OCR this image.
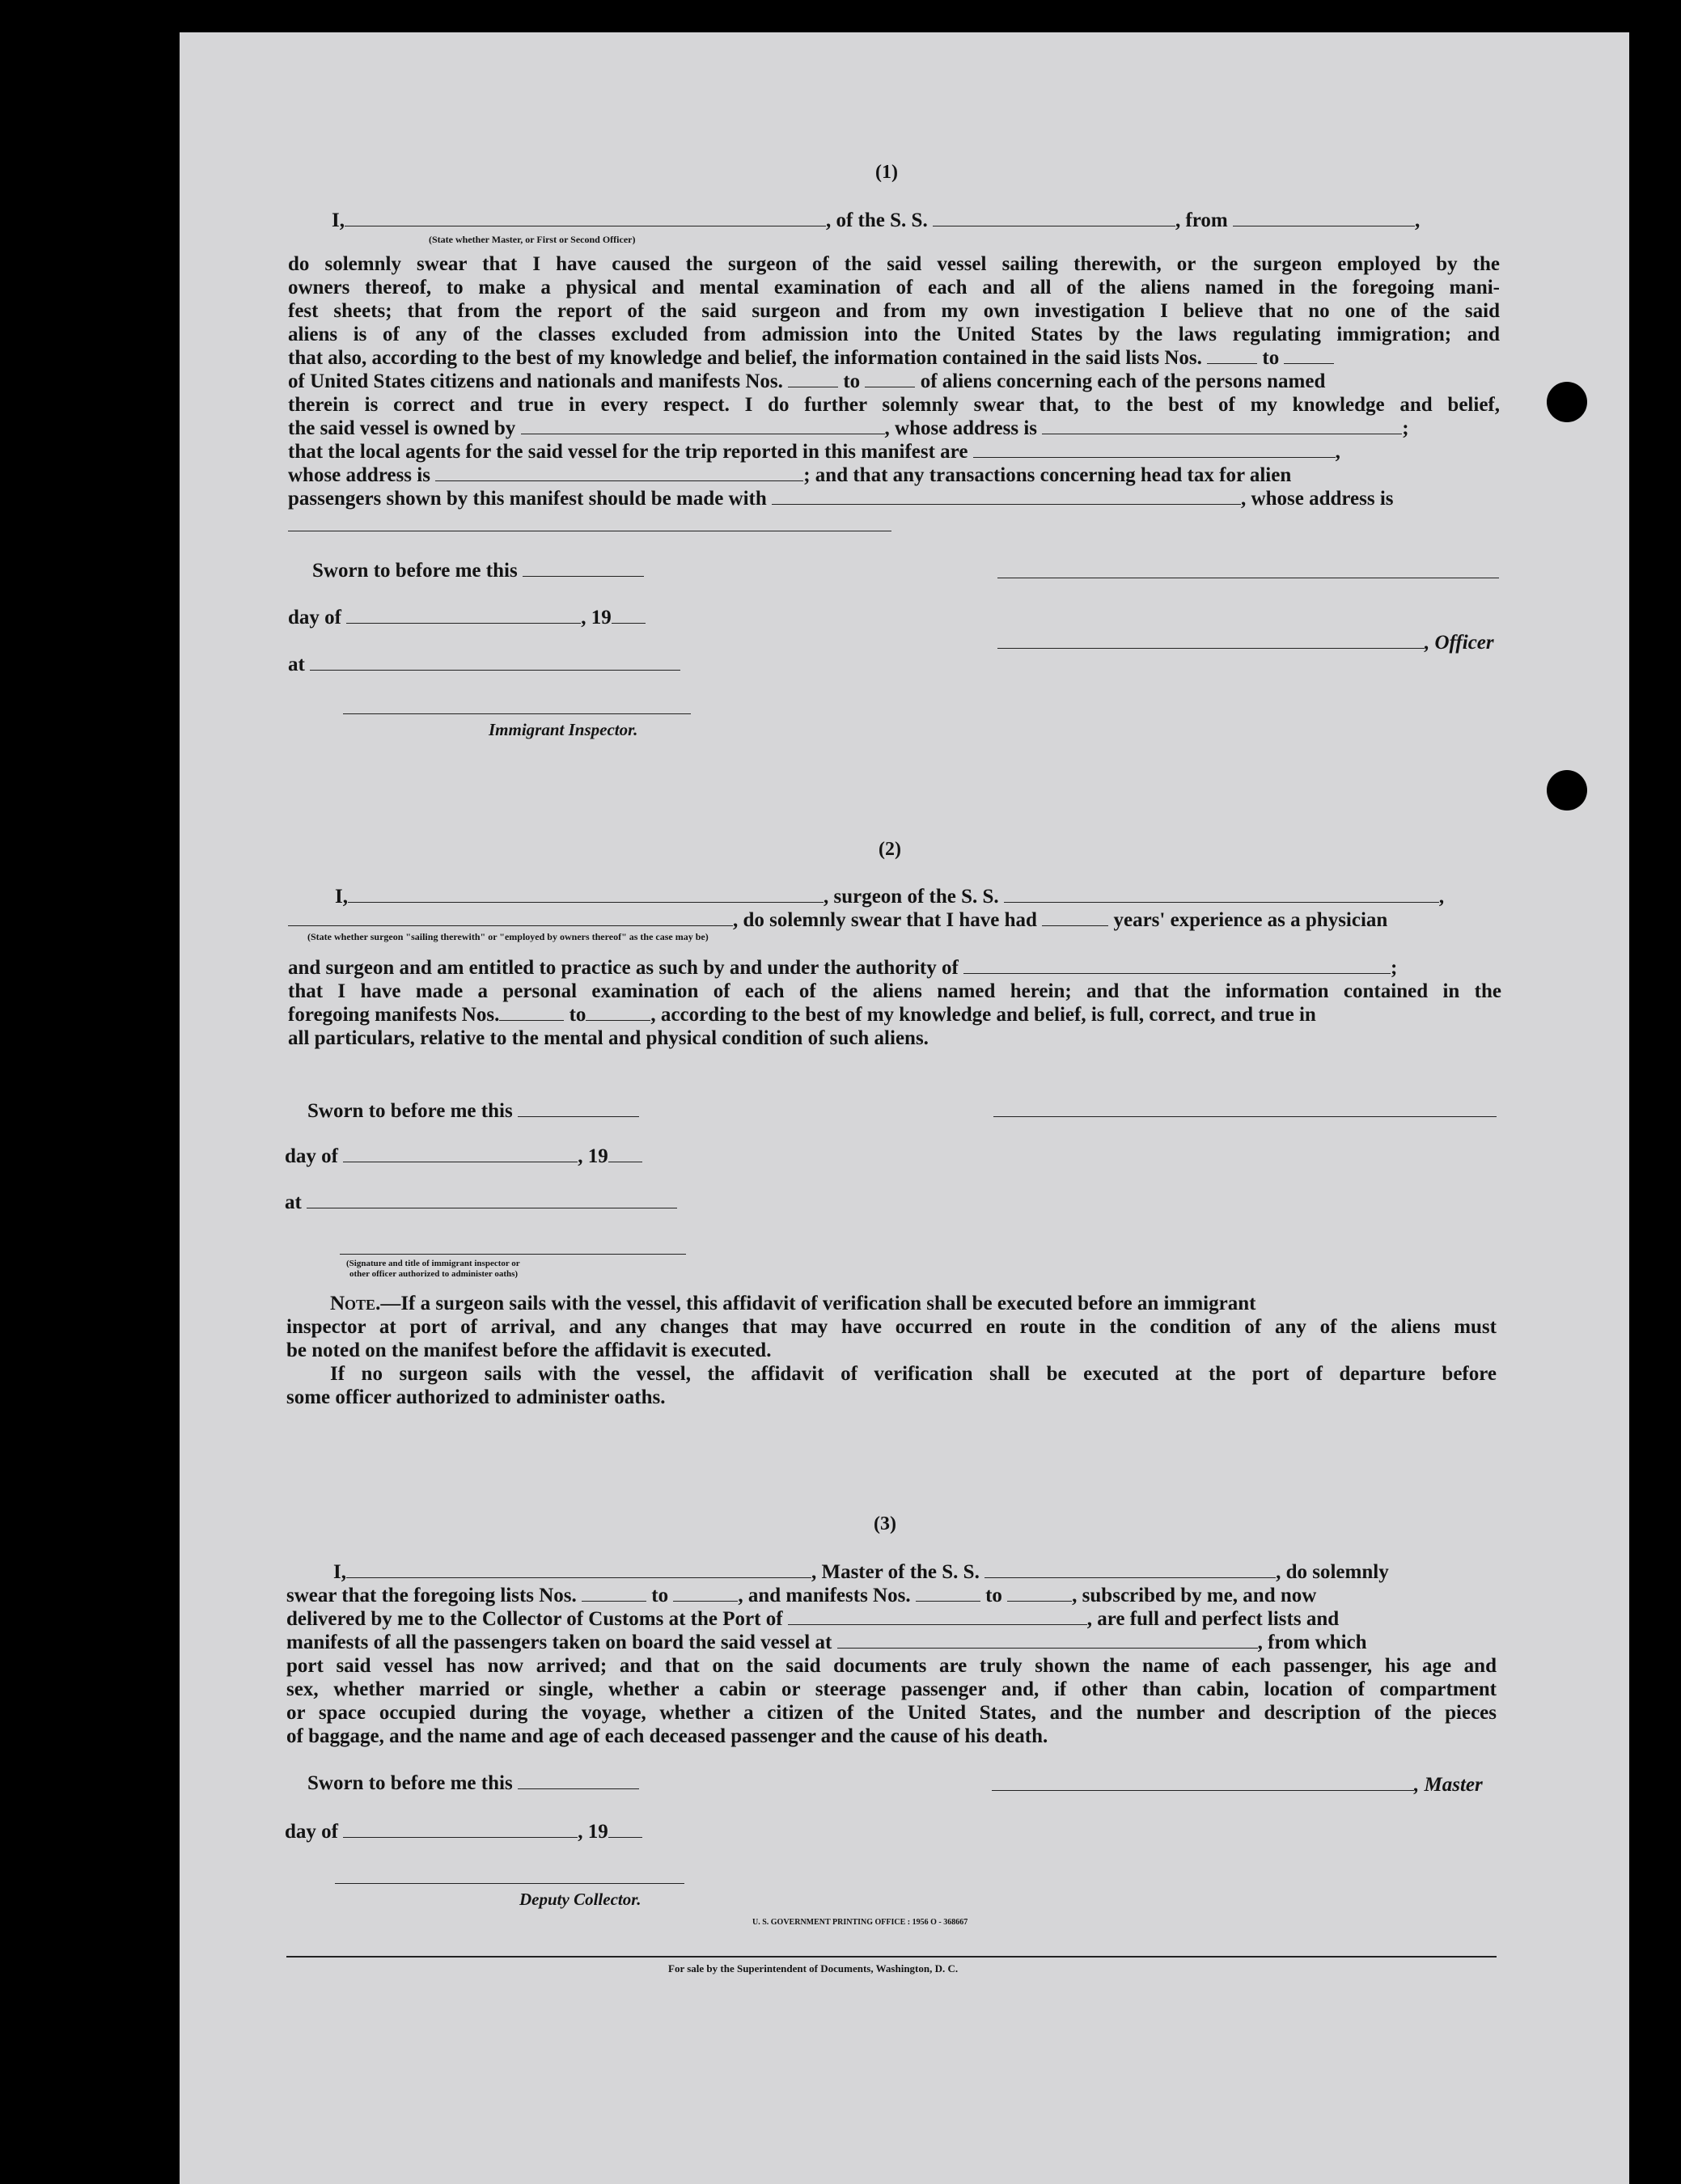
(1)
I,	, of the S. S.	, from	,
(State whether Master, or First or Second Officer)
do solemnly swear that I have caused the surgeon of the said vessel sailing therewith, or the surgeon employed by the
owners thereof, to make a physical and mental examination of each and all of the aliens named in the foregoing mani-
fest sheets; that from the report of the said surgeon and from my own investigation I believe that no one of the said
aliens is of any of the classes excluded from admission into the United States by the laws regulating immigration; and
that also, according to the best of my knowledge and belief, the information contained in the said lists Nos.	to
of United States citizens and nationals and manifests Nos.	to	of aliens concerning each of the persons named
therein is correct and true in every respect. I do further solemnly swear that, to the best of my knowledge and belief,
the said vessel is owned by	, whose address is	;
that the local agents for the said vessel for the trip reported in this manifest are	,
whose address is	; and that any transactions concerning head tax for alien
passengers shown by this manifest should be made with	, whose address is
Sworn to before me this
day of	, 19
, Officer
at
Immigrant Inspector.
(2)
I,	, surgeon of the S. S.	,
, do solemnly swear that I have had	years' experience as a physician
(State whether surgeon "sailing therewith" or "employed by owners thereof" as the case may be)
and surgeon and am entitled to practice as such by and under the authority of	;
that I have made a personal examination of each of the aliens named herein; and that the information contained in the
foregoing manifests Nos.	to	, according to the best of my knowledge and belief, is full, correct, and true in
all particulars, relative to the mental and physical condition of such aliens.
Sworn to before me this
day of	, 19
at
(Signature and title of immigrant inspector or
other officer authorized to administer oaths)
Note.—If a surgeon sails with the vessel, this affidavit of verification shall be executed before an immigrant
inspector at port of arrival, and any changes that may have occurred en route in the condition of any of the aliens must
be noted on the manifest before the affidavit is executed.
If no surgeon sails with the vessel, the affidavit of verification shall be executed at the port of departure before
some officer authorized to administer oaths.
(3)
I,	, Master of the S. S.	, do solemnly
swear that the foregoing lists Nos.	to	, and manifests Nos.	to	, subscribed by me, and now
delivered by me to the Collector of Customs at the Port of	, are full and perfect lists and
manifests of all the passengers taken on board the said vessel at	, from which
port said vessel has now arrived; and that on the said documents are truly shown the name of each passenger, his age and
sex, whether married or single, whether a cabin or steerage passenger and, if other than cabin, location of compartment
or space occupied during the voyage, whether a citizen of the United States, and the number and description of the pieces
of baggage, and the name and age of each deceased passenger and the cause of his death.
Sworn to before me this	, Master
day of	, 19
Deputy Collector.
U. S. GOVERNMENT PRINTING OFFICE : 1956 O - 368667
For sale by the Superintendent of Documents, Washington, D. C.
